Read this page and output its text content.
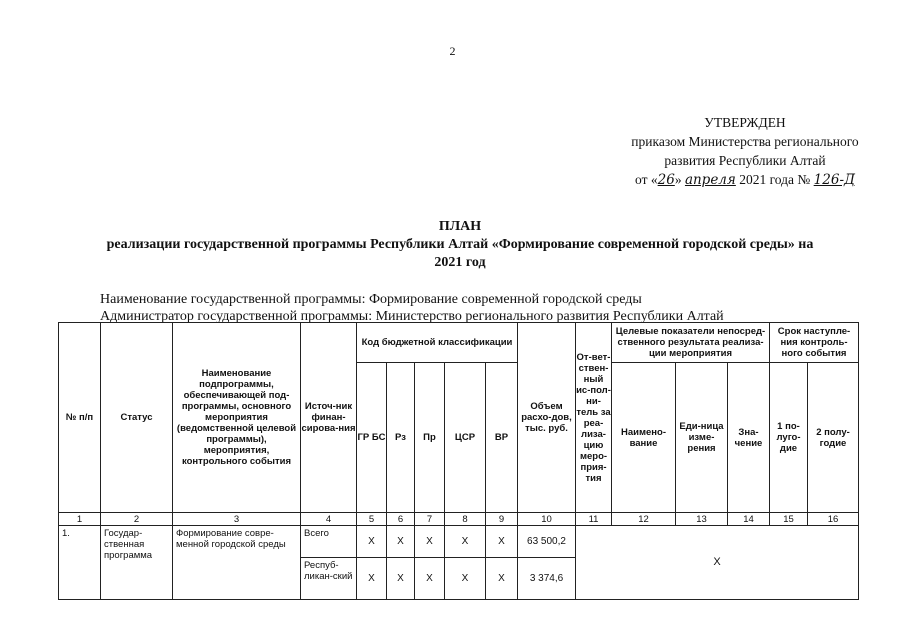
2
УТВЕРЖДЕН
приказом Министерства регионального
развития Республики Алтай
от «26» апреля 2021 года № 126-Д
ПЛАН
реализации государственной программы Республики Алтай «Формирование современной городской среды» на
2021 год
Наименование государственной программы: Формирование современной городской среды
Администратор государственной программы: Министерство регионального развития Республики Алтай
№ п/п	Статус	Наименование подпрограммы, обеспечивающей под-программы, основного мероприятия (ведомственной целевой программы), мероприятия, контрольного события	Источ-ник финан-сирова-ния	Код бюджетной классификации					Объем расхо-дов, тыс. руб.	От-вет-ствен-ный ис-пол-ни-тель за реа-лиза-цию меро-прия-тия	Целевые показатели непосред-ственного результата реализа-ции мероприятия			Срок наступле-ния контроль-ного события	
				ГР БС	Рз	Пр	ЦСР	ВР			Наимено-вание	Еди-ница изме-рения	Зна-чение	1 по-луго-дие	2 полу-годие
1	2	3	4	5	6	7	8	9	10	11	12	13	14	15	16
1.	Государ-ственная программа	Формирование совре-менной городской среды	Всего	Х	Х	Х	Х	Х	63 500,2	Х					
			Респуб-ликан-ский	Х	Х	Х	Х	Х	3 374,6						
